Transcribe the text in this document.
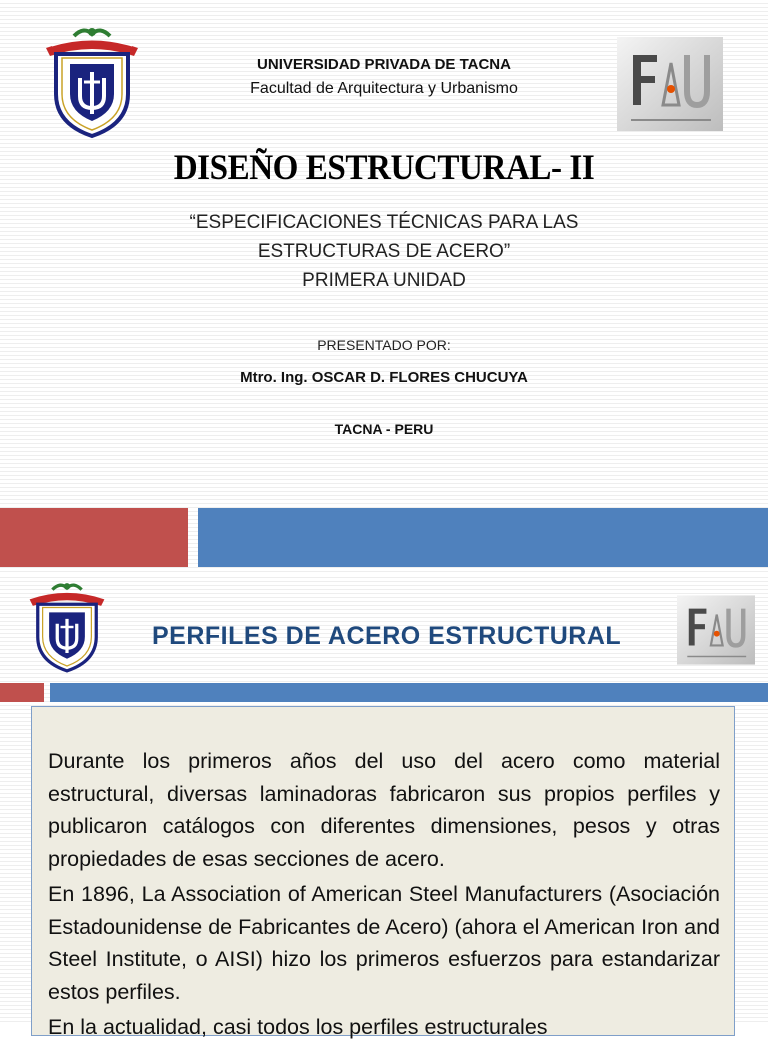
UNIVERSIDAD PRIVADA DE TACNA
Facultad de Arquitectura y Urbanismo
DISEÑO ESTRUCTURAL- II
“ESPECIFICACIONES TÉCNICAS PARA LAS
ESTRUCTURAS DE ACERO”
PRIMERA UNIDAD
PRESENTADO POR:
Mtro. Ing. OSCAR D. FLORES CHUCUYA
TACNA - PERU
PERFILES DE ACERO ESTRUCTURAL
Durante los primeros años del uso del acero como material estructural, diversas laminadoras fabricaron sus propios perfiles y publicaron catálogos con diferentes dimensiones, pesos y otras propiedades de esas secciones de acero.
En 1896, La Association of American Steel Manufacturers (Asociación Estadounidense de Fabricantes de Acero) (ahora el American Iron and Steel Institute, o AISI) hizo los primeros esfuerzos para estandarizar estos perfiles.
En la actualidad, casi todos los perfiles estructurales
